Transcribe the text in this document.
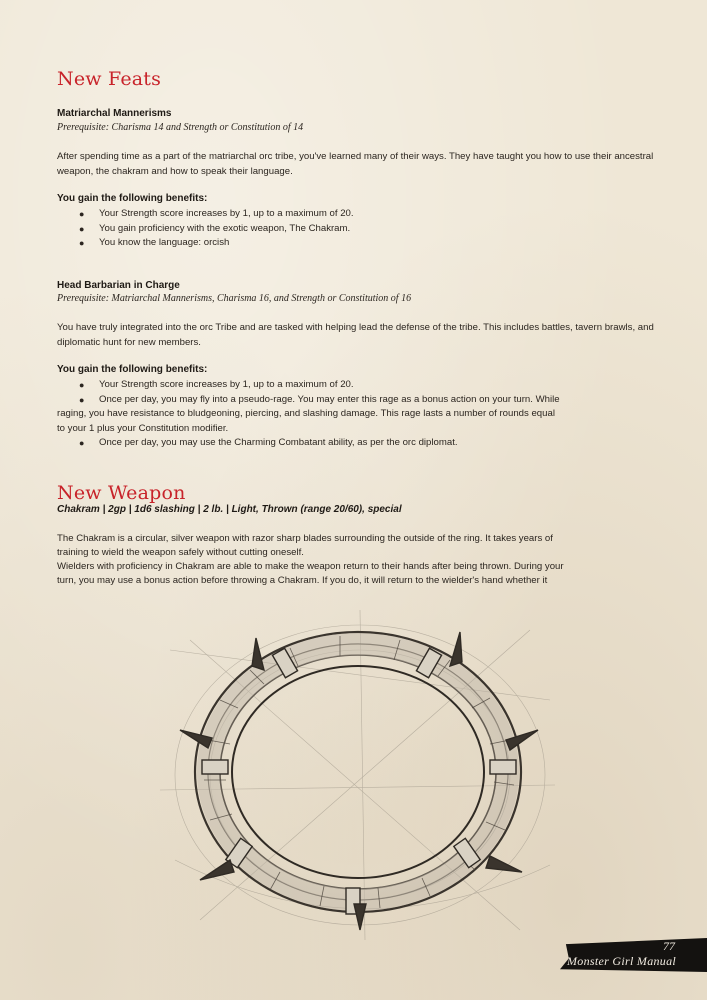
New Feats
Matriarchal Mannerisms
Prerequisite: Charisma 14 and Strength or Constitution of 14
After spending time as a part of the matriarchal orc tribe, you've learned many of their ways. They have taught you how to use their ancestral weapon, the chakram and how to speak their language.
You gain the following benefits:
● Your Strength score increases by 1, up to a maximum of 20.
● You gain proficiency with the exotic weapon, The Chakram.
● You know the language: orcish
Head Barbarian in Charge
Prerequisite: Matriarchal Mannerisms, Charisma 16, and Strength or Constitution of 16
You have truly integrated into the orc Tribe and are tasked with helping lead the defense of the tribe. This includes battles, tavern brawls, and diplomatic hunt for new members.
You gain the following benefits:
● Your Strength score increases by 1, up to a maximum of 20.
● Once per day, you may fly into a pseudo-rage. You may enter this rage as a bonus action on your turn. While
raging, you have resistance to bludgeoning, piercing, and slashing damage. This rage lasts a number of rounds equal
to your 1 plus your Constitution modifier.
● Once per day, you may use the Charming Combatant ability, as per the orc diplomat.
New Weapon
Chakram | 2gp | 1d6 slashing | 2 lb. | Light, Thrown (range 20/60), special
The Chakram is a circular, silver weapon with razor sharp blades surrounding the outside of the ring. It takes years of
training to wield the weapon safely without cutting oneself.
Wielders with proficiency in Chakram are able to make the weapon return to their hands after being thrown. During your
turn, you may use a bonus action before throwing a Chakram. If you do, it will return to the wielder's hand whether it
77
Monster Girl Manual
